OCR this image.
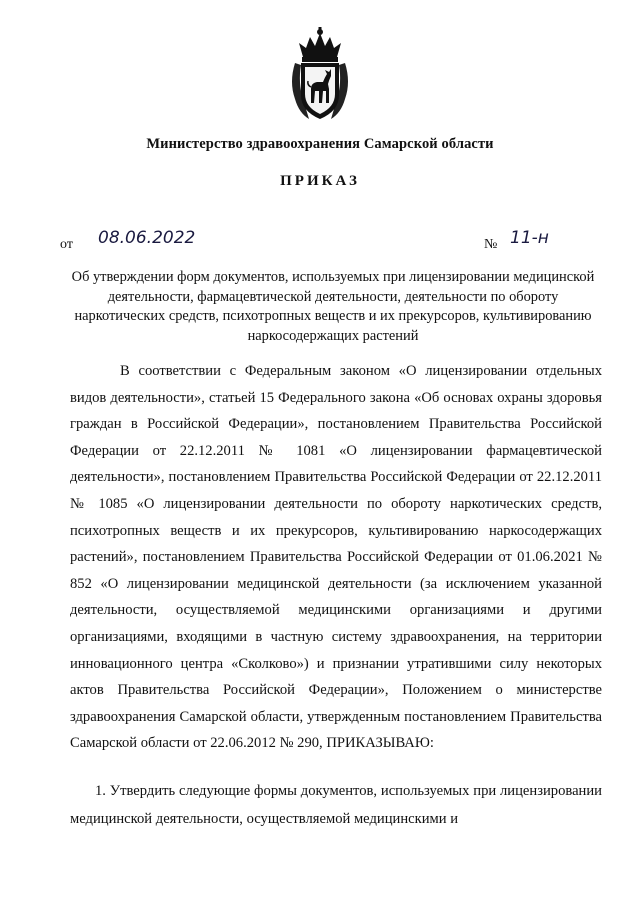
Министерство здравоохранения Самарской области
ПРИКАЗ
от 08.06.2022	№ 11-н
Об утверждении форм документов, используемых при лицензировании медицинской деятельности, фармацевтической деятельности, деятельности по обороту наркотических средств, психотропных веществ и их прекурсоров, культивированию наркосодержащих растений

В соответствии с Федеральным законом «О лицензировании отдельных видов деятельности», статьей 15 Федерального закона «Об основах охраны здоровья граждан в Российской Федерации», постановлением Правительства Российской Федерации от 22.12.2011 № 1081 «О лицензировании фармацевтической деятельности», постановлением Правительства Российской Федерации от 22.12.2011 № 1085 «О лицензировании деятельности по обороту наркотических средств, психотропных веществ и их прекурсоров, культивированию наркосодержащих растений», постановлением Правительства Российской Федерации от 01.06.2021 № 852 «О лицензировании медицинской деятельности (за исключением указанной деятельности, осуществляемой медицинскими организациями и другими организациями, входящими в частную систему здравоохранения, на территории инновационного центра «Сколково») и признании утратившими силу некоторых актов Правительства Российской Федерации», Положением о министерстве здравоохранения Самарской области, утвержденным постановлением Правительства Самарской области от 22.06.2012 № 290, ПРИКАЗЫВАЮ:

1. Утвердить следующие формы документов, используемых при лицензировании медицинской деятельности, осуществляемой медицинскими и
